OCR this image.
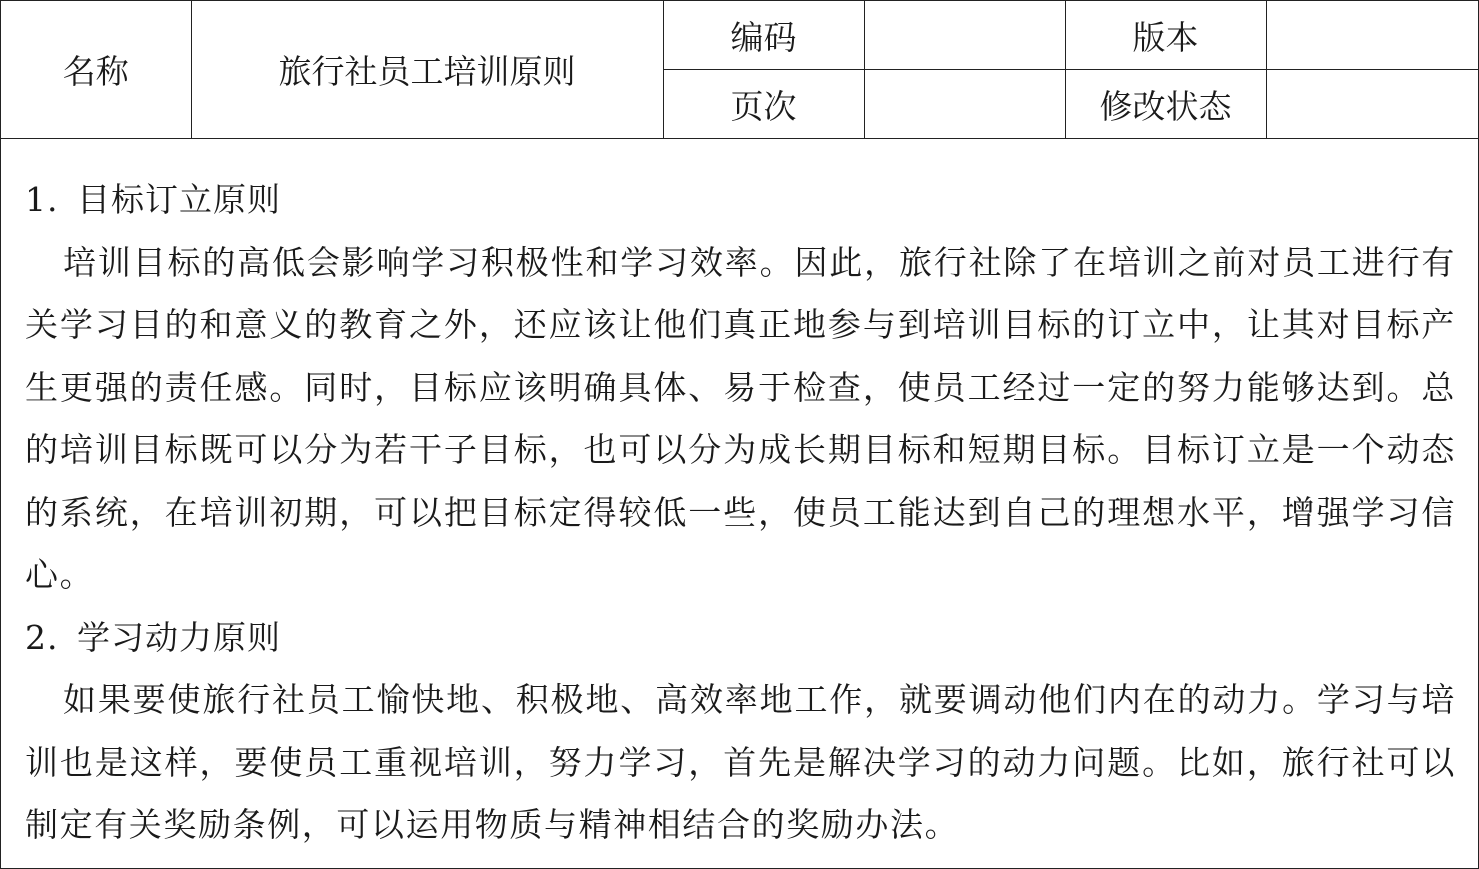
名称	旅行社员工培训原则	编码		版本	
		页次		修改状态	

1. 目标订立原则

培训目标的高低会影响学习积极性和学习效率。因此，旅行社除了在培训之前对员工进行有关学习目的和意义的教育之外，还应该让他们真正地参与到培训目标的订立中，让其对目标产生更强的责任感。同时，目标应该明确具体、易于检查，使员工经过一定的努力能够达到。总的培训目标既可以分为若干子目标，也可以分为成长期目标和短期目标。目标订立是一个动态的系统，在培训初期，可以把目标定得较低一些，使员工能达到自己的理想水平，增强学习信心。

2. 学习动力原则

如果要使旅行社员工愉快地、积极地、高效率地工作，就要调动他们内在的动力。学习与培训也是这样，要使员工重视培训，努力学习，首先是解决学习的动力问题。比如，旅行社可以制定有关奖励条例，可以运用物质与精神相结合的奖励办法。
